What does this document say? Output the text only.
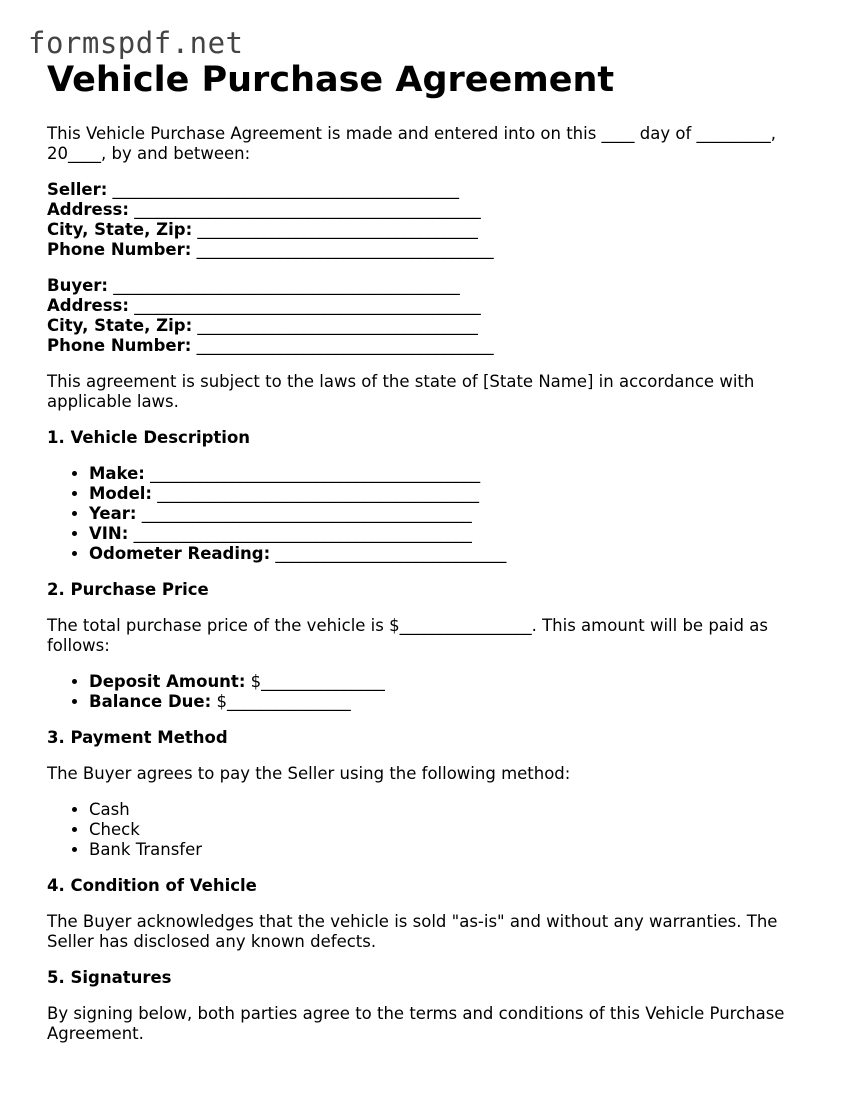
formspdf.net
Vehicle Purchase Agreement

This Vehicle Purchase Agreement is made and entered into on this ____ day of _________, 20____, by and between:

Seller: __________________________________________
Address: __________________________________________
City, State, Zip: __________________________________
Phone Number: ____________________________________
Buyer: __________________________________________
Address: __________________________________________
City, State, Zip: __________________________________
Phone Number: ____________________________________

This agreement is subject to the laws of the state of [State Name] in accordance with applicable laws.

1. Vehicle Description
• Make: ________________________________________
• Model: _______________________________________
• Year: ________________________________________
• VIN: _________________________________________
• Odometer Reading: ____________________________
2. Purchase Price

The total purchase price of the vehicle is $________________. This amount will be paid as follows:

• Deposit Amount: $_______________
• Balance Due: $_______________
3. Payment Method

The Buyer agrees to pay the Seller using the following method:

• Cash
• Check
• Bank Transfer
4. Condition of Vehicle

The Buyer acknowledges that the vehicle is sold "as-is" and without any warranties. The Seller has disclosed any known defects.

5. Signatures

By signing below, both parties agree to the terms and conditions of this Vehicle Purchase Agreement.
